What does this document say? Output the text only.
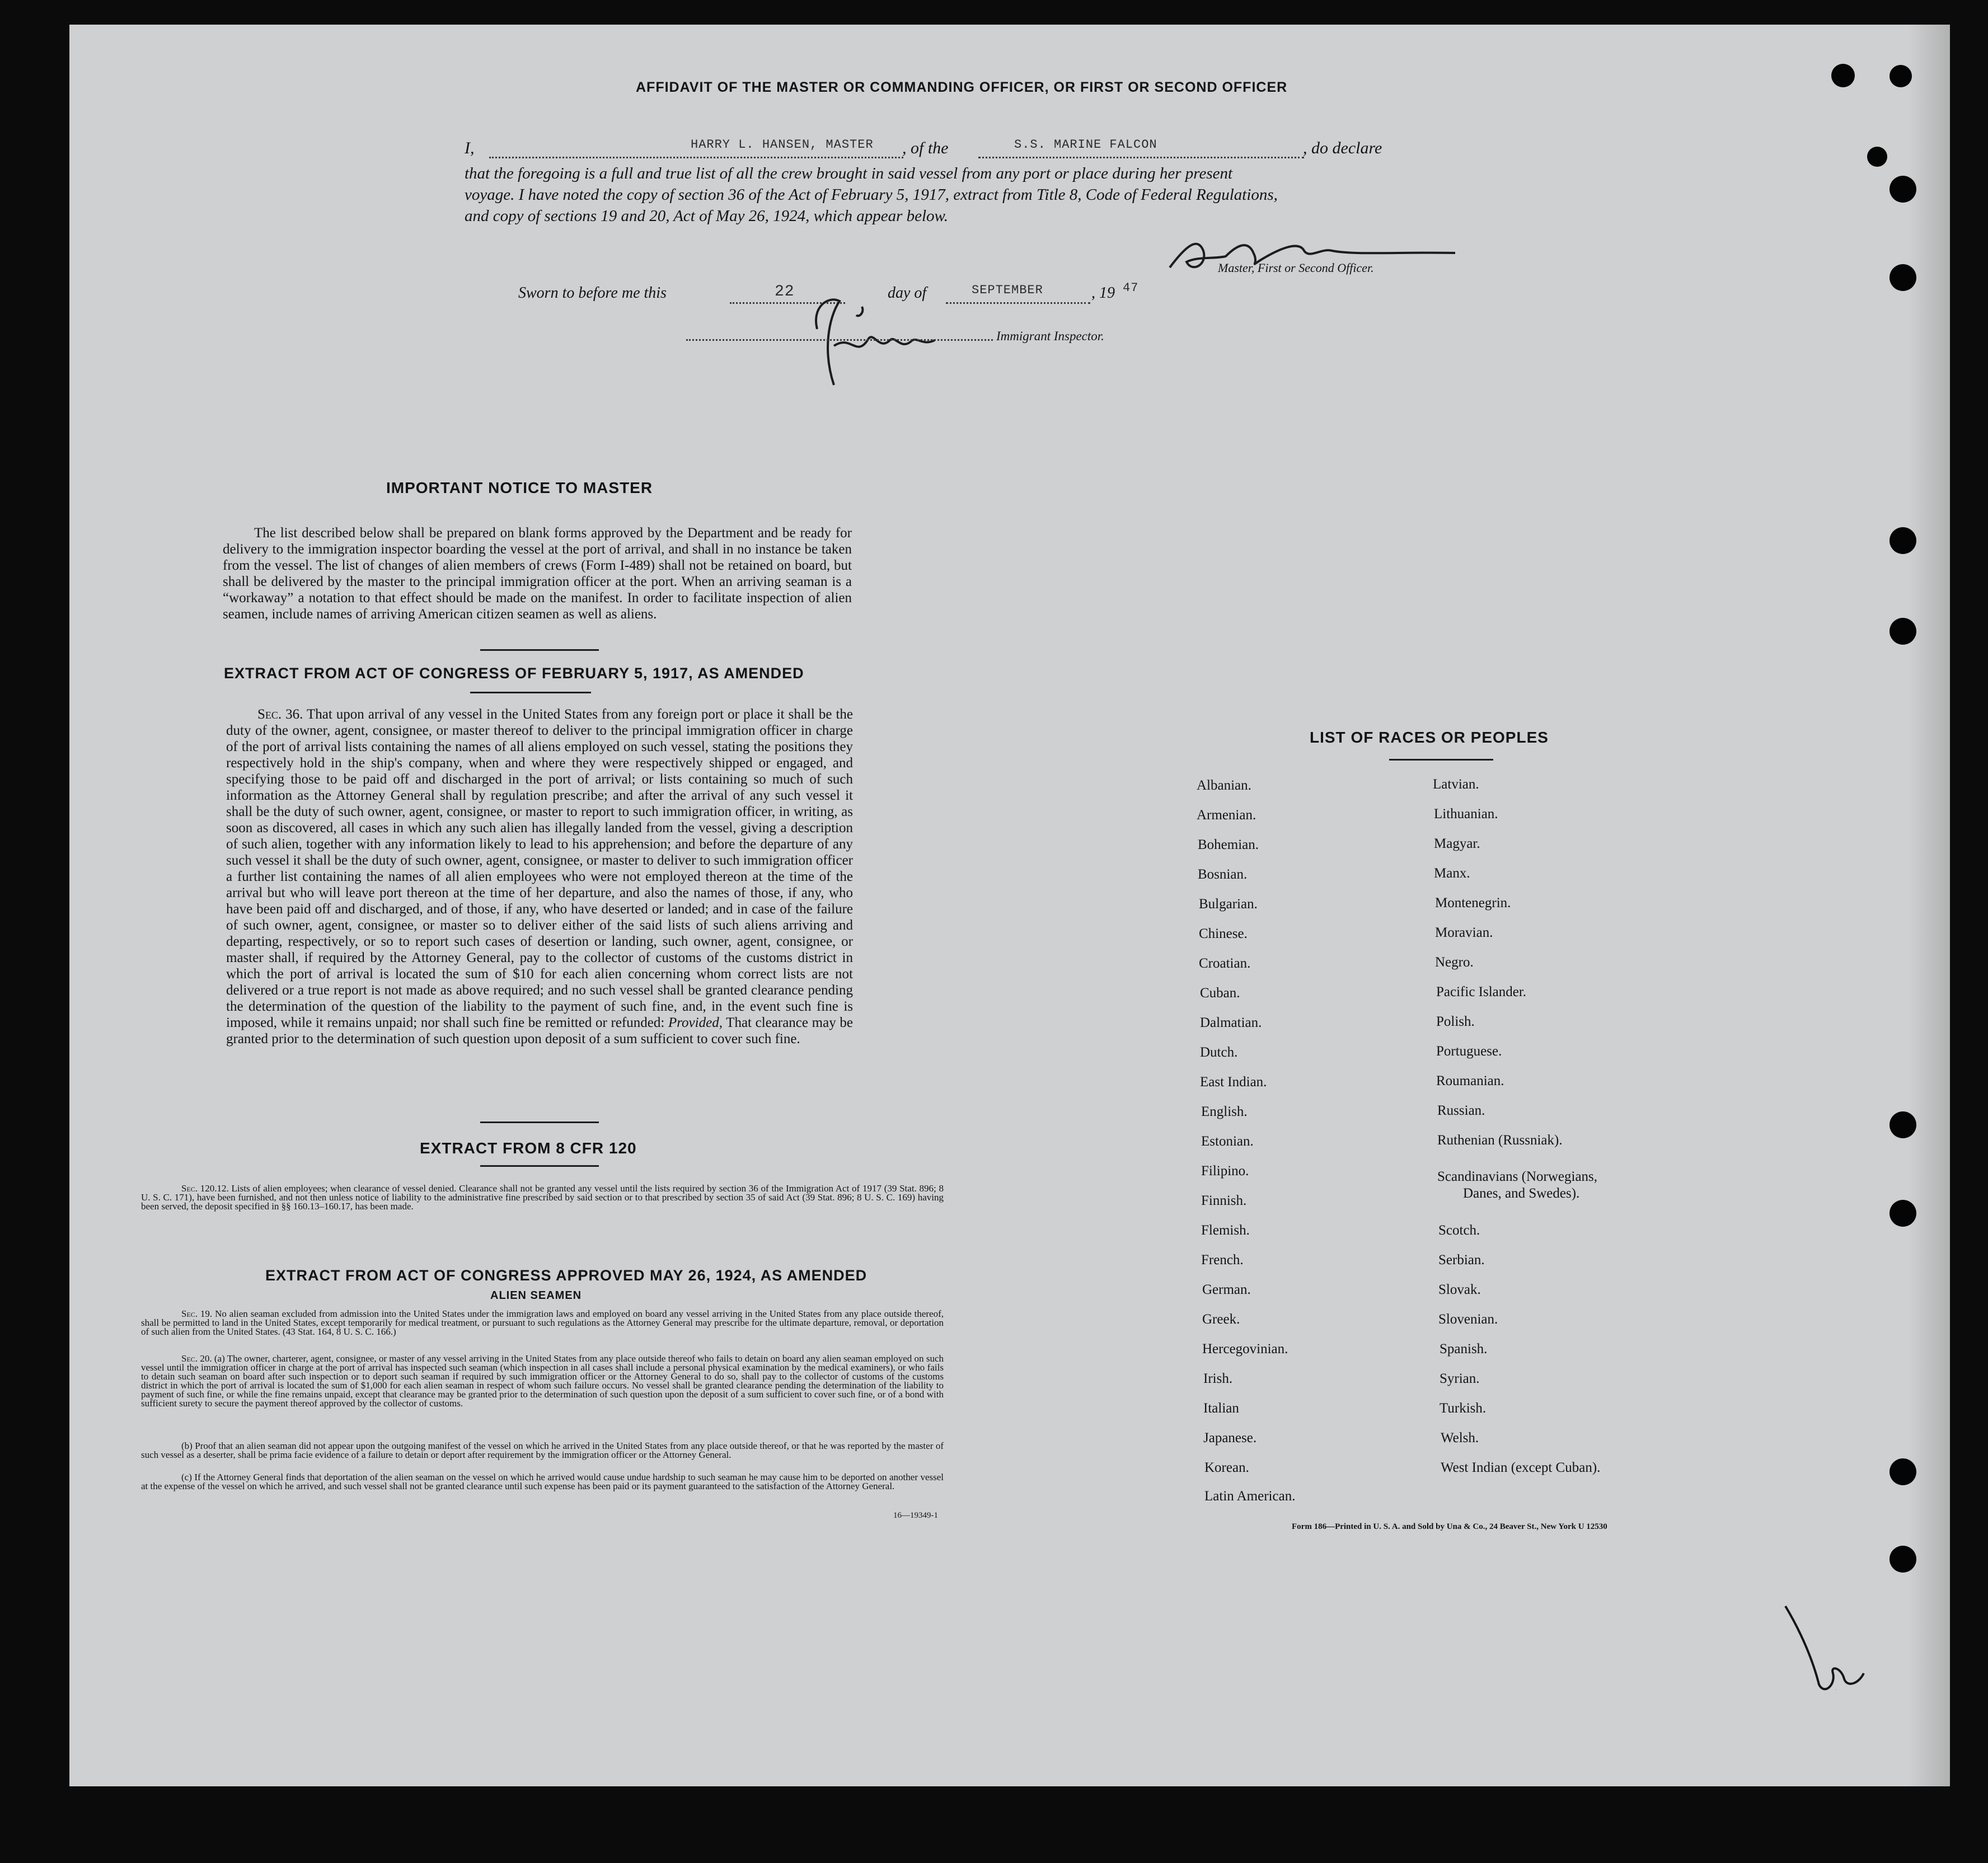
AFFIDAVIT OF THE MASTER OR COMMANDING OFFICER, OR FIRST OR SECOND OFFICER
I,	HARRY L. HANSEN, MASTER , of the	S.S. MARINE FALCON	, do declare
that the foregoing is a full and true list of all the crew brought in said vessel from any port or place during her present
voyage. I have noted the copy of section 36 of the Act of February 5, 1917, extract from Title 8, Code of Federal Regulations,
and copy of sections 19 and 20, Act of May 26, 1924, which appear below.
Master, First or Second Officer.
Sworn to before me this	22	day of	SEPTEMBER	, 19 47
Immigrant Inspector.
IMPORTANT NOTICE TO MASTER
The list described below shall be prepared on blank forms approved by the Department and be ready for delivery to the immigration inspector boarding the vessel at the port of arrival, and shall in no instance be taken from the vessel. The list of changes of alien members of crews (Form I-489) shall not be retained on board, but shall be delivered by the master to the principal immigration officer at the port. When an arriving seaman is a “workaway” a notation to that effect should be made on the manifest. In order to facilitate inspection of alien seamen, include names of arriving American citizen seamen as well as aliens.
EXTRACT FROM ACT OF CONGRESS OF FEBRUARY 5, 1917, AS AMENDED
Sec. 36. That upon arrival of any vessel in the United States from any foreign port or place it shall be the duty of the owner, agent, consignee, or master thereof to deliver to the principal immigration officer in charge of the port of arrival lists containing the names of all aliens employed on such vessel, stating the positions they respectively hold in the ship's company, when and where they were respectively shipped or engaged, and specifying those to be paid off and discharged in the port of arrival; or lists containing so much of such information as the Attorney General shall by regulation prescribe; and after the arrival of any such vessel it shall be the duty of such owner, agent, consignee, or master to report to such immigration officer, in writing, as soon as discovered, all cases in which any such alien has illegally landed from the vessel, giving a description of such alien, together with any information likely to lead to his apprehension; and before the departure of any such vessel it shall be the duty of such owner, agent, consignee, or master to deliver to such immigration officer a further list containing the names of all alien employees who were not employed thereon at the time of the arrival but who will leave port thereon at the time of her departure, and also the names of those, if any, who have been paid off and discharged, and of those, if any, who have deserted or landed; and in case of the failure of such owner, agent, consignee, or master so to deliver either of the said lists of such aliens arriving and departing, respectively, or so to report such cases of desertion or landing, such owner, agent, consignee, or master shall, if required by the Attorney General, pay to the collector of customs of the customs district in which the port of arrival is located the sum of $10 for each alien concerning whom correct lists are not delivered or a true report is not made as above required; and no such vessel shall be granted clearance pending the determination of the question of the liability to the payment of such fine, and, in the event such fine is imposed, while it remains unpaid; nor shall such fine be remitted or refunded: Provided, That clearance may be granted prior to the determination of such question upon deposit of a sum sufficient to cover such fine.
EXTRACT FROM 8 CFR 120
Sec. 120.12. Lists of alien employees; when clearance of vessel denied. Clearance shall not be granted any vessel until the lists required by section 36 of the Immigration Act of 1917 (39 Stat. 896; 8 U. S. C. 171), have been furnished, and not then unless notice of liability to the administrative fine prescribed by said section or to that prescribed by section 35 of said Act (39 Stat. 896; 8 U. S. C. 169) having been served, the deposit specified in §§ 160.13–160.17, has been made.
EXTRACT FROM ACT OF CONGRESS APPROVED MAY 26, 1924, AS AMENDED
ALIEN SEAMEN
Sec. 19. No alien seaman excluded from admission into the United States under the immigration laws and employed on board any vessel arriving in the United States from any place outside thereof, shall be permitted to land in the United States, except temporarily for medical treatment, or pursuant to such regulations as the Attorney General may prescribe for the ultimate departure, removal, or deportation of such alien from the United States. (43 Stat. 164, 8 U. S. C. 166.)
Sec. 20. (a) The owner, charterer, agent, consignee, or master of any vessel arriving in the United States from any place outside thereof who fails to detain on board any alien seaman employed on such vessel until the immigration officer in charge at the port of arrival has inspected such seaman (which inspection in all cases shall include a personal physical examination by the medical examiners), or who fails to detain such seaman on board after such inspection or to deport such seaman if required by such immigration officer or the Attorney General to do so, shall pay to the collector of customs of the customs district in which the port of arrival is located the sum of $1,000 for each alien seaman in respect of whom such failure occurs. No vessel shall be granted clearance pending the determination of the liability to payment of such fine, or while the fine remains unpaid, except that clearance may be granted prior to the determination of such question upon the deposit of a sum sufficient to cover such fine, or of a bond with sufficient surety to secure the payment thereof approved by the collector of customs.
(b) Proof that an alien seaman did not appear upon the outgoing manifest of the vessel on which he arrived in the United States from any place outside thereof, or that he was reported by the master of such vessel as a deserter, shall be prima facie evidence of a failure to detain or deport after requirement by the immigration officer or the Attorney General.
(c) If the Attorney General finds that deportation of the alien seaman on the vessel on which he arrived would cause undue hardship to such seaman he may cause him to be deported on another vessel at the expense of the vessel on which he arrived, and such vessel shall not be granted clearance until such expense has been paid or its payment guaranteed to the satisfaction of the Attorney General.
16—19349-1
LIST OF RACES OR PEOPLES
Albanian.
Armenian.
Bohemian.
Bosnian.
Bulgarian.
Chinese.
Croatian.
Cuban.
Dalmatian.
Dutch.
East Indian.
English.
Estonian.
Filipino.
Finnish.
Flemish.
French.
German.
Greek.
Hercegovinian.
Irish.
Italian
Japanese.
Korean.
Latin American.
Latvian.
Lithuanian.
Magyar.
Manx.
Montenegrin.
Moravian.
Negro.
Pacific Islander.
Polish.
Portuguese.
Roumanian.
Russian.
Ruthenian (Russniak).
Scandinavians (Norwegians,
Danes, and Swedes).
Scotch.
Serbian.
Slovak.
Slovenian.
Spanish.
Syrian.
Turkish.
Welsh.
West Indian (except Cuban).
Form 186—Printed in U. S. A. and Sold by Una & Co., 24 Beaver St., New York U 12530
6
